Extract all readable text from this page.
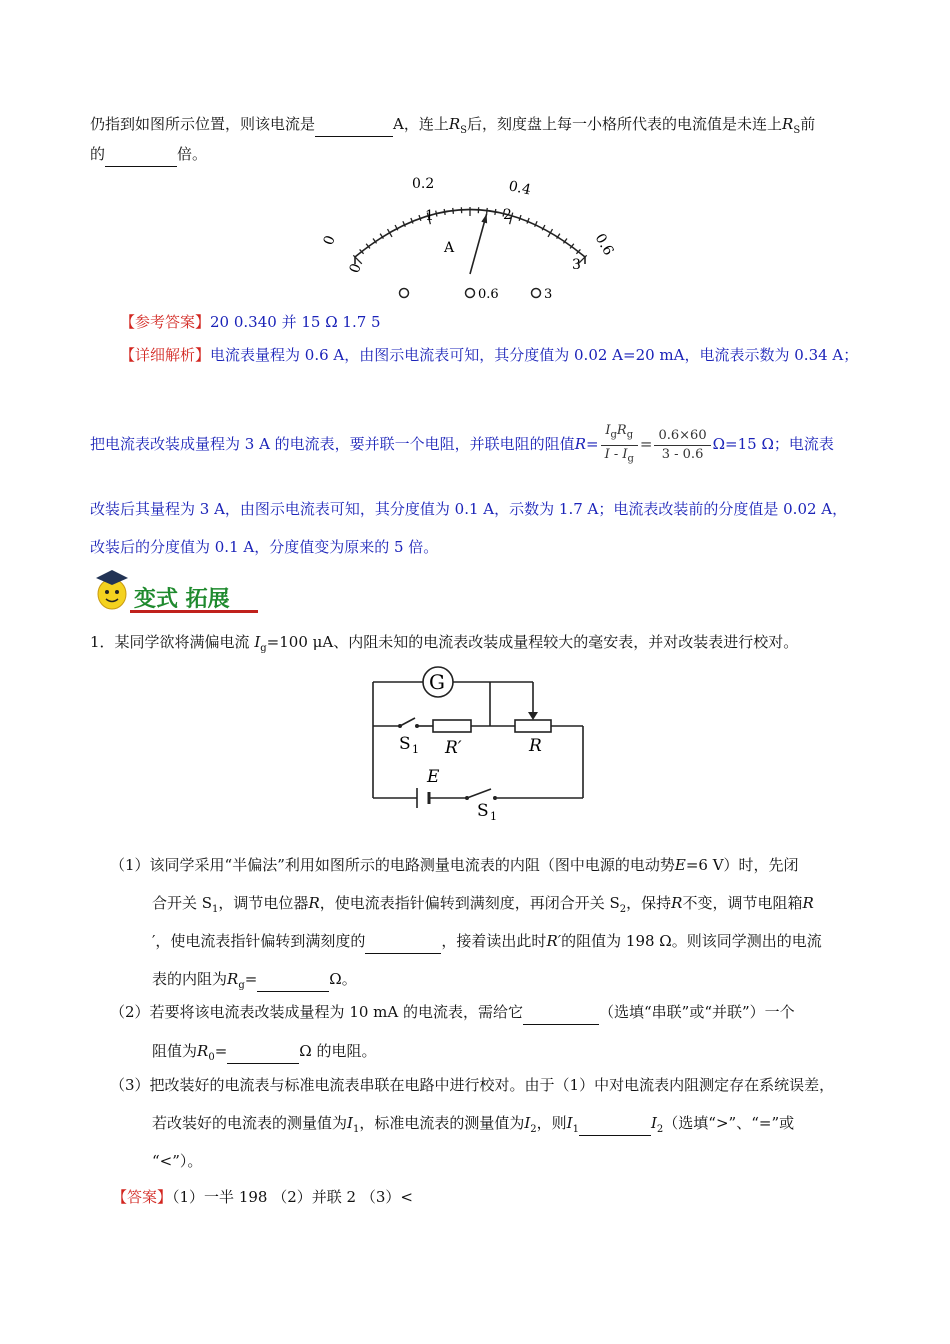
仍指到如图所示位置，则该电流是	A，连上$R_S$后，刻度盘上每一小格所代表的电流值是未连上$R_S$前
的	倍。
0
0.2	0.4
0.6
0
1	2
3
A
0.6	3
【参考答案】20 0.340 并 15 Ω 1.7 5
【详细解析】电流表量程为 0.6 A，由图示电流表可知，其分度值为 0.02 A=20 mA，电流表示数为 0.34 A；
把电流表改装成量程为 3 A 的电流表，要并联一个电阻，并联电阻的阻值$R= \frac{I_gR_g}{I - I_g} = \frac{0.6\times 60}{3 - 0.6} \Omega=15$ Ω；电流表
改装后其量程为 3 A，由图示电流表可知，其分度值为 0.1 A，示数为 1.7 A；电流表改装前的分度值是 0.02 A，
改装后的分度值为 0.1 A，分度值变为原来的 5 倍。
变式 拓展
1．某同学欲将满偏电流 $I_g=100$ μA、内阻未知的电流表改装成量程较大的毫安表，并对改装表进行校对。
G
S 1 R′	R
E
S 1
（1）该同学采用“半偏法”利用如图所示的电路测量电流表的内阻（图中电源的电动势E=6 V）时，先闭
合开关 $S_1$，调节电位器R，使电流表指针偏转到满刻度，再闭合开关 $S_2$，保持R不变，调节电阻箱R
′，使电流表指针偏转到满刻度的	，接着读出此时R′的阻值为 198 Ω。则该同学测出的电流
表的内阻为$R_g=$	Ω。
（2）若要将该电流表改装成量程为 10 mA 的电流表，需给它	（选填“串联”或“并联”）一个
阻值为$R_0=$	Ω 的电阻。
（3）把改装好的电流表与标准电流表串联在电路中进行校对。由于（1）中对电流表内阻测定存在系统误差，
若改装好的电流表的测量值为$I_1$，标准电流表的测量值为$I_2$，则$I_1$	$I_2$（选填“>”、“=”或
“<”）。
【答案】（1）一半 198 （2）并联 2 （3）<
